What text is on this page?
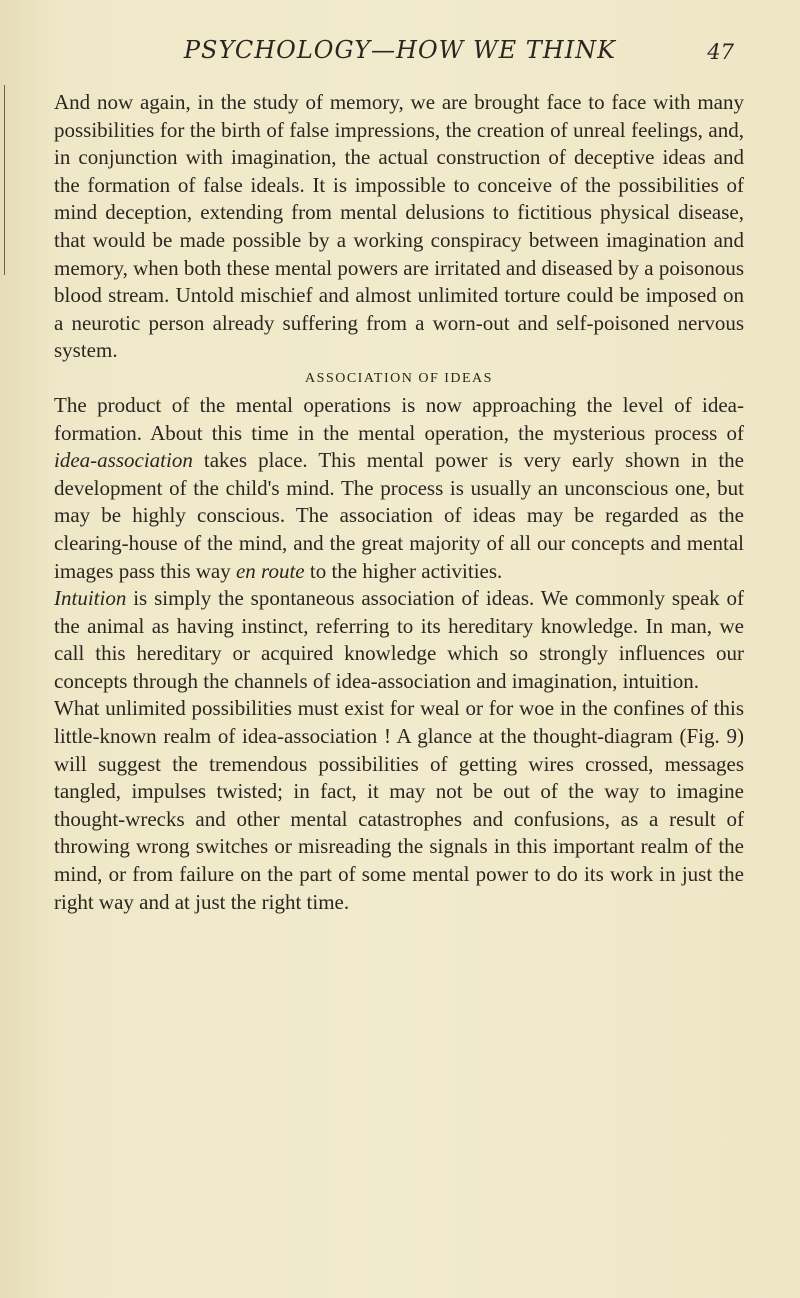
PSYCHOLOGY—HOW WE THINK	47

And now again, in the study of memory, we are brought face to face with many possibilities for the birth of false impressions, the creation of unreal feelings, and, in conjunction with imagination, the actual construction of deceptive ideas and the formation of false ideals. It is impossible to conceive of the possibilities of mind deception, extending from mental delusions to fictitious physical disease, that would be made possible by a working conspiracy between imagination and memory, when both these mental powers are irritated and diseased by a poisonous blood stream. Untold mischief and almost unlimited torture could be imposed on a neurotic person already suffering from a worn-out and self-poisoned nervous system.

ASSOCIATION OF IDEAS

The product of the mental operations is now approaching the level of idea-formation. About this time in the mental operation, the mysterious process of idea-association takes place. This mental power is very early shown in the development of the child's mind. The process is usually an unconscious one, but may be highly conscious. The association of ideas may be regarded as the clearing-house of the mind, and the great majority of all our concepts and mental images pass this way en route to the higher activities.

Intuition is simply the spontaneous association of ideas. We commonly speak of the animal as having instinct, referring to its hereditary knowledge. In man, we call this hereditary or acquired knowledge which so strongly influences our concepts through the channels of idea-association and imagination, intuition.

What unlimited possibilities must exist for weal or for woe in the confines of this little-known realm of idea-association ! A glance at the thought-diagram (Fig. 9) will suggest the tremendous possibilities of getting wires crossed, messages tangled, impulses twisted; in fact, it may not be out of the way to imagine thought-wrecks and other mental catastrophes and confusions, as a result of throwing wrong switches or misreading the signals in this important realm of the mind, or from failure on the part of some mental power to do its work in just the right way and at just the right time.
